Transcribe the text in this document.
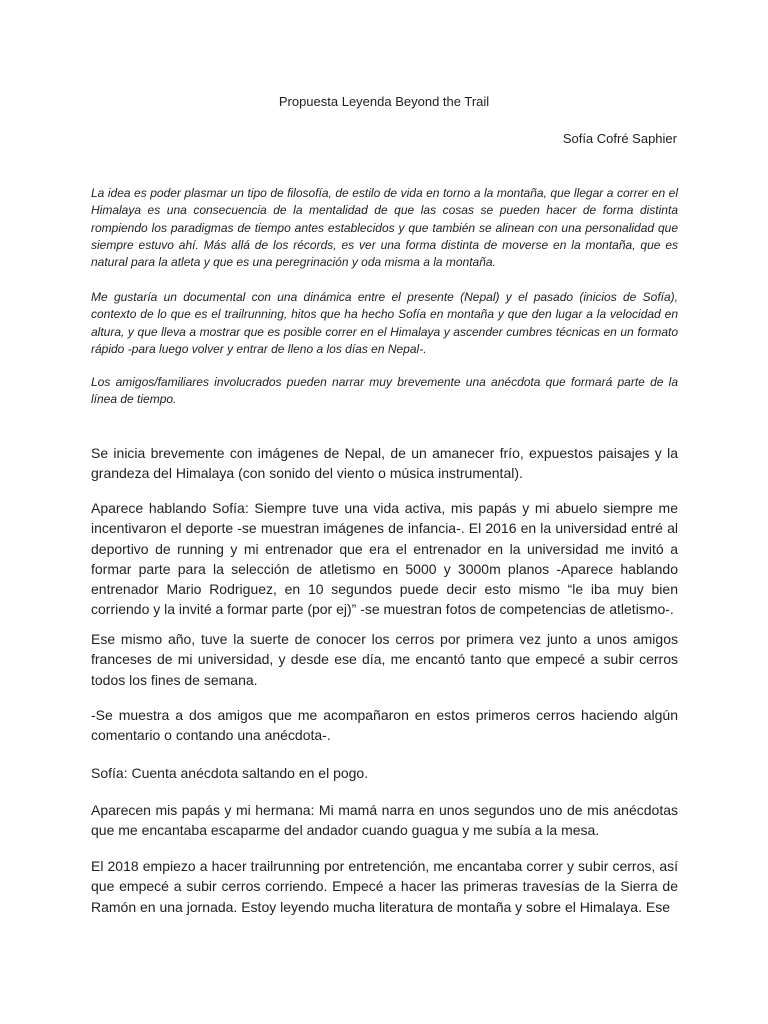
Propuesta Leyenda Beyond the Trail
Sofía Cofré Saphier

La idea es poder plasmar un tipo de filosofía, de estilo de vida en torno a la montaña, que llegar a correr en el Himalaya es una consecuencia de la mentalidad de que las cosas se pueden hacer de forma distinta rompiendo los paradigmas de tiempo antes establecidos y que también se alinean con una personalidad que siempre estuvo ahí. Más allá de los récords, es ver una forma distinta de moverse en la montaña, que es natural para la atleta y que es una peregrinación y oda misma a la montaña.

Me gustaría un documental con una dinámica entre el presente (Nepal) y el pasado (inicios de Sofía), contexto de lo que es el trailrunning, hitos que ha hecho Sofía en montaña y que den lugar a la velocidad en altura, y que lleva a mostrar que es posible correr en el Himalaya y ascender cumbres técnicas en un formato rápido -para luego volver y entrar de lleno a los días en Nepal-.

Los amigos/familiares involucrados pueden narrar muy brevemente una anécdota que formará parte de la línea de tiempo.

Se inicia brevemente con imágenes de Nepal, de un amanecer frío, expuestos paisajes y la grandeza del Himalaya (con sonido del viento o música instrumental).

Aparece hablando Sofía: Siempre tuve una vida activa, mis papás y mi abuelo siempre me incentivaron el deporte -se muestran imágenes de infancia-. El 2016 en la universidad entré al deportivo de running y mi entrenador que era el entrenador en la universidad me invitó a formar parte para la selección de atletismo en 5000 y 3000m planos -Aparece hablando entrenador Mario Rodriguez, en 10 segundos puede decir esto mismo “le iba muy bien corriendo y la invité a formar parte (por ej)” -se muestran fotos de competencias de atletismo-.

Ese mismo año, tuve la suerte de conocer los cerros por primera vez junto a unos amigos franceses de mi universidad, y desde ese día, me encantó tanto que empecé a subir cerros todos los fines de semana.

-Se muestra a dos amigos que me acompañaron en estos primeros cerros haciendo algún comentario o contando una anécdota-.

Sofía: Cuenta anécdota saltando en el pogo.

Aparecen mis papás y mi hermana: Mi mamá narra en unos segundos uno de mis anécdotas que me encantaba escaparme del andador cuando guagua y me subía a la mesa.

El 2018 empiezo a hacer trailrunning por entretención, me encantaba correr y subir cerros, así que empecé a subir cerros corriendo. Empecé a hacer las primeras travesías de la Sierra de Ramón en una jornada. Estoy leyendo mucha literatura de montaña y sobre el Himalaya. Ese
